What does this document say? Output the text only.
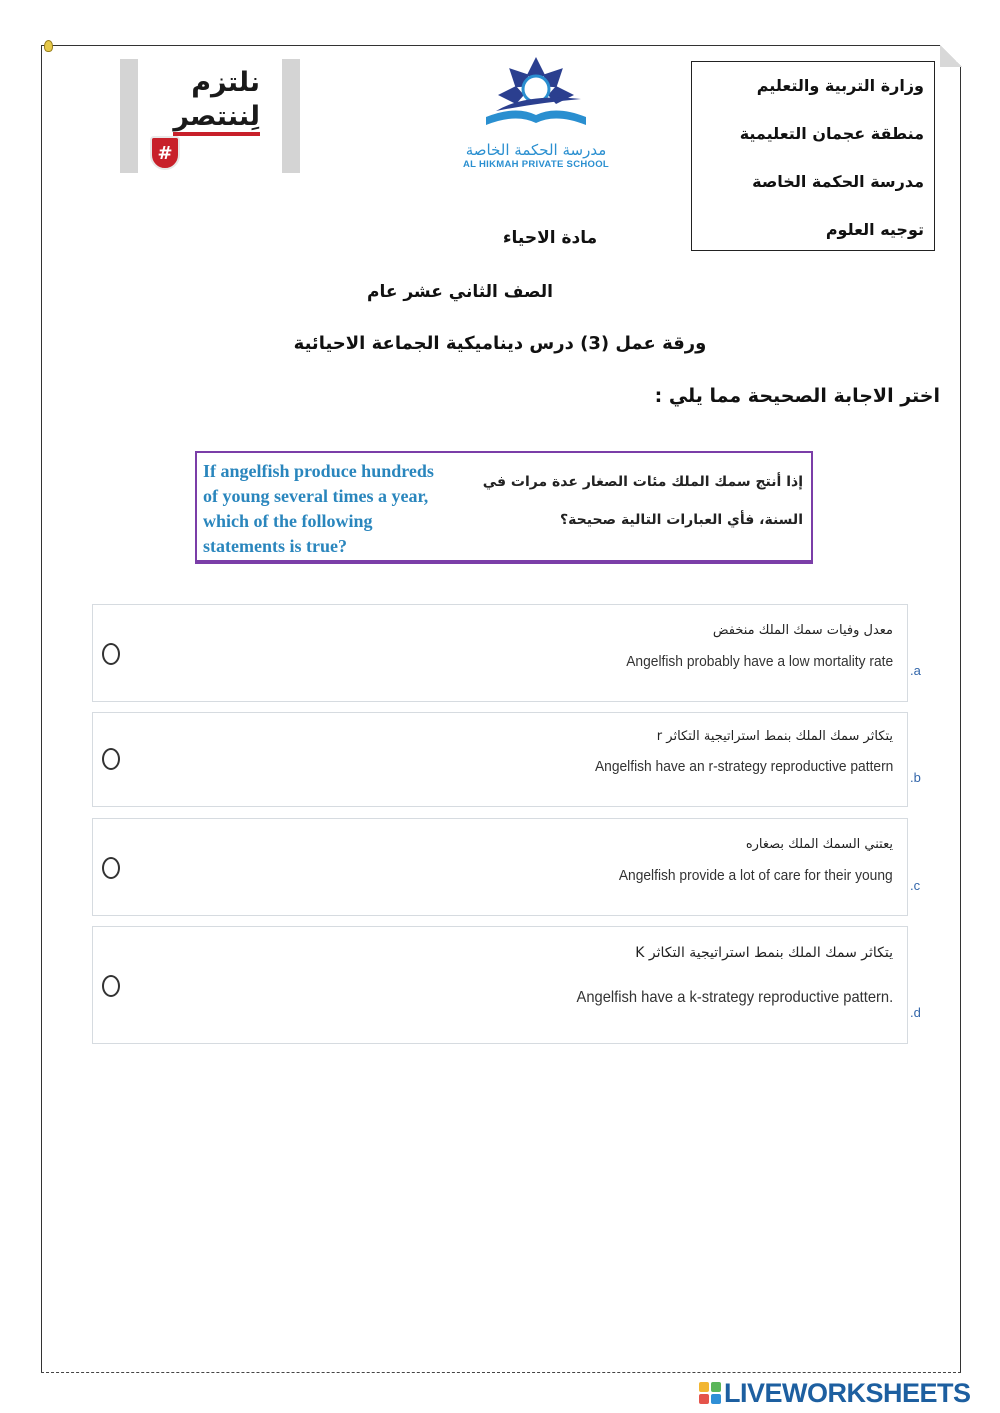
نلتزم
لِننتصر
#	مدرسة الحكمة الخاصة
AL HIKMAH PRIVATE SCHOOL
وزارة التربية والتعليم
منطقة عجمان التعليمية
مدرسة الحكمة الخاصة
توجيه العلوم
مادة الاحياء
الصف الثاني عشر عام
ورقة عمل (3) درس ديناميكية الجماعة الاحيائية
اختر الاجابة الصحيحة مما يلي :
If angelfish produce hundreds of young several times a year, which of the following statements is true?
إذا أنتج سمك الملك مئات الصغار عدة مرات في السنة، فأي العبارات التالية صحيحة؟
معدل وفيات سمك الملك منخفض
Angelfish probably have a low mortality rate
.a
يتكاثر سمك الملك بنمط استراتيجية التكاثر r
Angelfish have an r-strategy reproductive pattern
.b
يعتني السمك الملك بصغاره
Angelfish provide a lot of care for their young
.c
يتكاثر سمك الملك بنمط استراتيجية التكاثر K
Angelfish have a k-strategy reproductive pattern.
.d
LIVEWORKSHEETS
